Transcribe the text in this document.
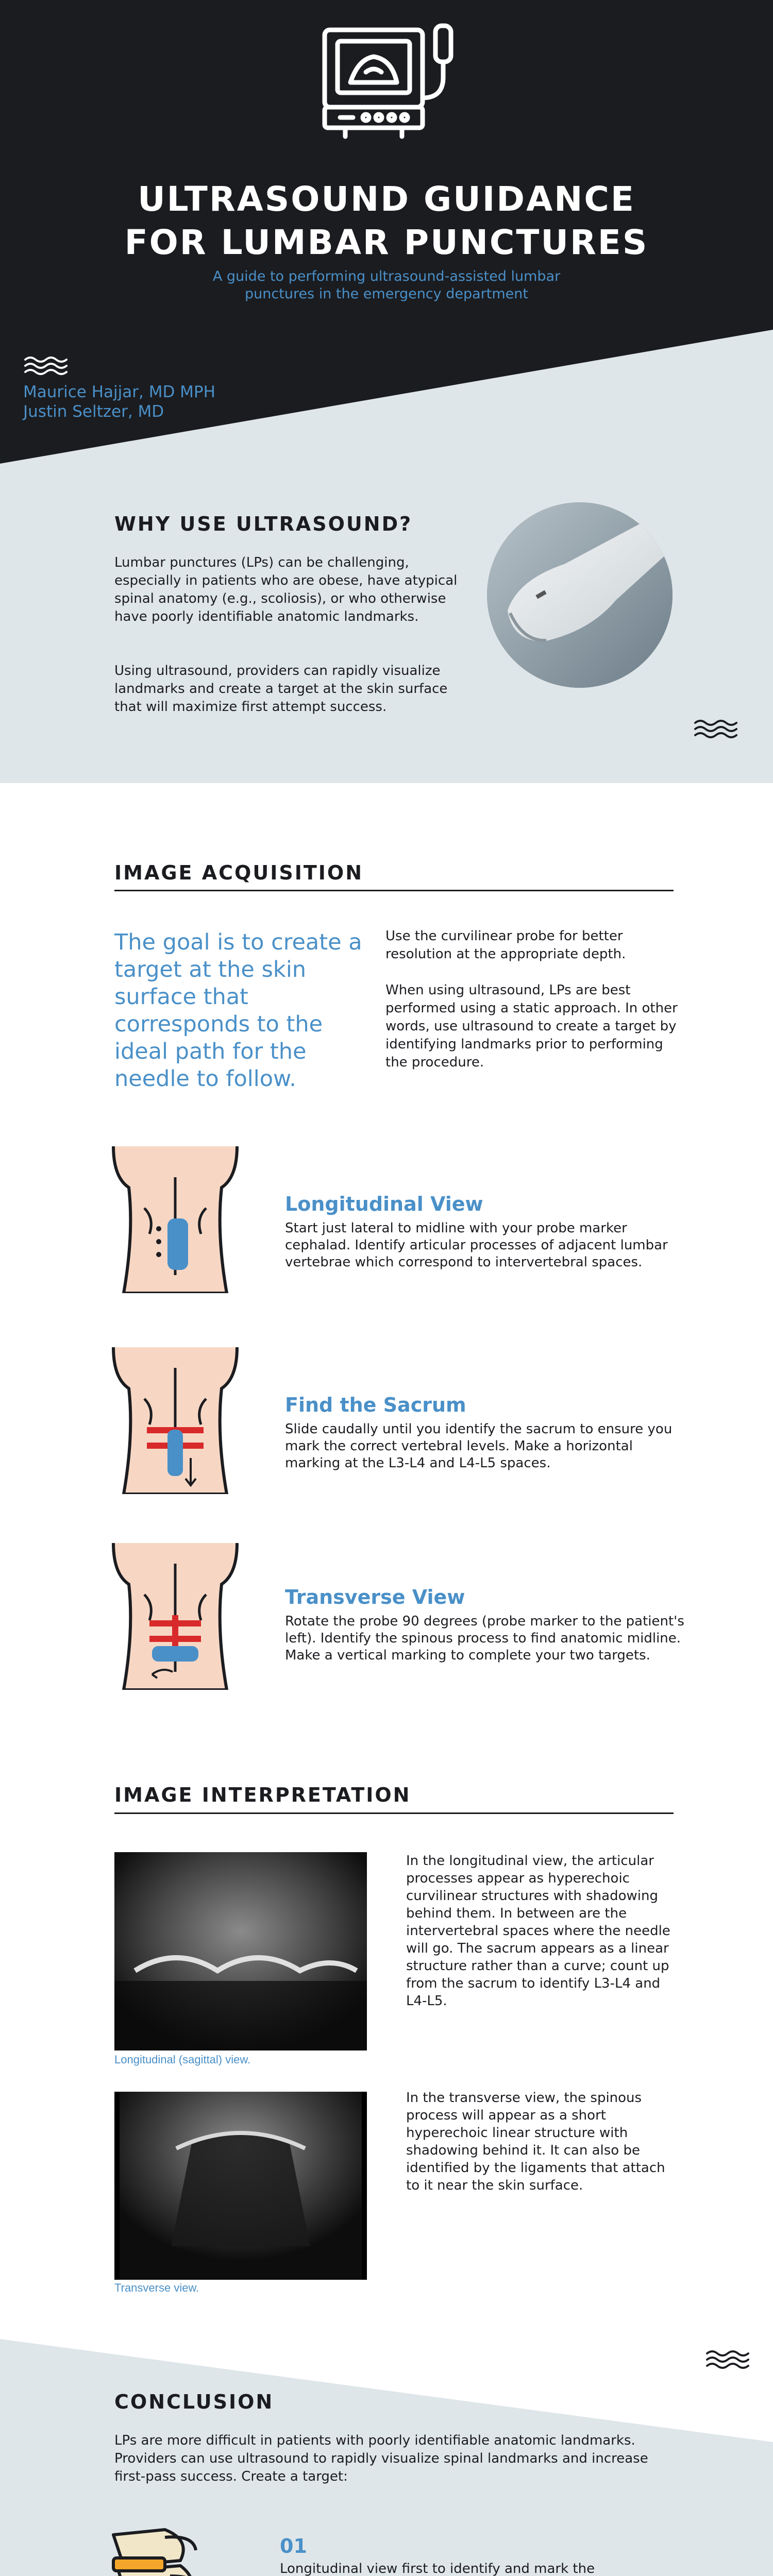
ULTRASOUND GUIDANCE
FOR LUMBAR PUNCTURES
A guide to performing ultrasound-assisted lumbar
punctures in the emergency department
Maurice Hajjar, MD MPH
Justin Seltzer, MD
WHY USE ULTRASOUND?
Lumbar punctures (LPs) can be challenging, especially in patients who are obese, have atypical spinal anatomy (e.g., scoliosis), or who otherwise have poorly identifiable anatomic landmarks.
Using ultrasound, providers can rapidly visualize landmarks and create a target at the skin surface that will maximize first attempt success.
IMAGE ACQUISITION
The goal is to create a target at the skin surface that corresponds to the ideal path for the needle to follow.
Use the curvilinear probe for better resolution at the appropriate depth.
When using ultrasound, LPs are best performed using a static approach. In other words, use ultrasound to create a target by identifying landmarks prior to performing the procedure.
Longitudinal View
Start just lateral to midline with your probe marker cephalad. Identify articular processes of adjacent lumbar vertebrae which correspond to intervertebral spaces.
Find the Sacrum
Slide caudally until you identify the sacrum to ensure you mark the correct vertebral levels. Make a horizontal marking at the L3-L4 and L4-L5 spaces.
Transverse View
Rotate the probe 90 degrees (probe marker to the patient's left). Identify the spinous process to find anatomic midline. Make a vertical marking to complete your two targets.
IMAGE INTERPRETATION
Longitudinal (sagittal) view.
In the longitudinal view, the articular processes appear as hyperechoic curvilinear structures with shadowing behind them. In between are the intervertebral spaces where the needle will go. The sacrum appears as a linear structure rather than a curve; count up from the sacrum to identify L3-L4 and L4-L5.
Transverse view.
In the transverse view, the spinous process will appear as a short hyperechoic linear structure with shadowing behind it. It can also be identified by the ligaments that attach to it near the skin surface.
CONCLUSION
LPs are more difficult in patients with poorly identifiable anatomic landmarks. Providers can use ultrasound to rapidly visualize spinal landmarks and increase first-pass success. Create a target:
01
Longitudinal view first to identify and mark the
